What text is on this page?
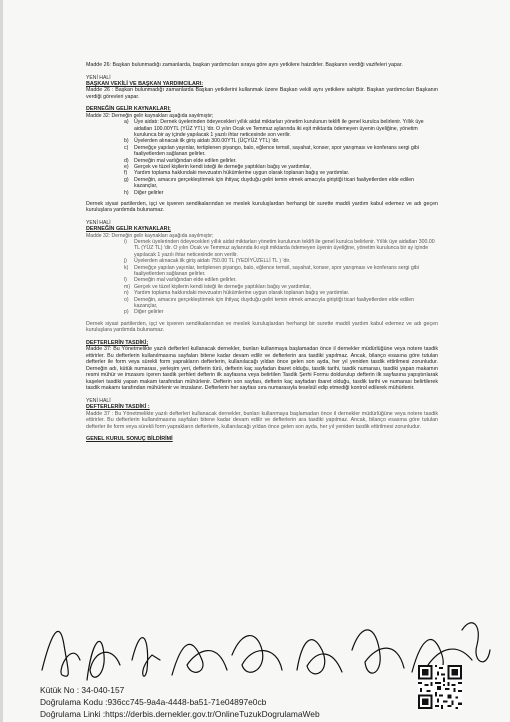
Madde 26: Başkan bulunmadığı zamanlarda, başkan yardımcıları sıraya göre aynı yetkilere haizdirler. Başkanın verdiği vazifeleri yapar.

YENİ HALİ

BAŞKAN VEKİLİ VE BAŞKAN YARDIMCILARI:

Madde 26 : Başkan bulunmadığı zamanlarda Başkan yetkilerini kullanmak üzere Başkan vekili aynı yetkilere sahiptir. Başkan yardımcıları Başkanın verdiği görevleri yapar.

DERNEĞİN GELİR KAYNAKLARI;

Madde 32: Derneğin gelir kaynakları aşağıda sayılmıştır;

a) Üye aidatı: Dernek üyelerinden ödeyecekleri yıllık aidat miktarları yönetim kurulunun teklifi ile genel kurulca belirlenir. Yıllık üye aidatları 100.00YTL (YÜZ YTL) 'dir. O yılın Ocak ve Temmuz aylarında iki eşit miktarda ödemeyen üyenin üyeliğine, yönetim kurulunca bir ay içinde yapılacak 1 yazılı ihtar neticesinde son verilir.

b) Üyelerden alınacak ilk giriş aidatı 300.00YTL (ÜÇYÜZ YTL) 'dir.

c) Derneğçe yapılan yayınlar, tertiplenen piyango, balo, eğlence temsil, sayahat, konser, spor yarışması ve konferans sergi gibi faaliyetlerden sağlanan gelirler.

d) Derneğin mal varlığından elde edilen gelirler.

e) Gerçek ve tüzel kişilerin kendi isteği ile derneğe yaptıkları bağış ve yardımlar,

f) Yardım toplama hakkındaki mevzuatın hükümlerine uygun olarak toplanan bağış ve yardımlar.

g) Derneğin, amacını gerçekleştirmek için ihtiyaç duyduğu geliri temin etmek amacıyla giriştiği ticari faaliyetlerden elde edilen kazançlar,

h) Diğer gelirler

Dernek siyasi partilerden, işçi ve işveren sendikalarından ve meslek kuruluşlardan herhangi bir surette maddi yardım kabul edemez ve adı geçen kuruluşlara yardımda bulunamaz.

YENİ HALİ

DERNEĞİN GELİR KAYNAKLARI;

Madde 32: Derneğin gelir kaynakları aşağıda sayılmıştır;

i) Dernek üyelerinden ödeyecekleri yıllık aidat miktarları yönetim kurulunun teklifi ile genel kurulca belirlenir. Yıllık üye aidatları 300.00 TL (YÜZ TL) 'dir. O yılın Ocak ve Temmuz aylarında iki eşit miktarda ödemeyen üyenin üyeliğine, yönetim kurulunca bir ay içinde yapılacak 1 yazılı ihtar neticesinde son verilir.

j) Üyelerden alınacak ilk giriş aidatı 750.00 TL (YEDİYÜZELLİ TL ) 'dir.

k) Derneğçe yapılan yayınlar, tertiplenen piyango, balo, eğlence temsil, sayahat, konser, spor yarışması ve konferans sergi gibi faaliyetlerden sağlanan gelirler.

l) Derneğin mal varlığından elde edilen gelirler.

m) Gerçek ve tüzel kişilerin kendi isteği ile derneğe yaptıkları bağış ve yardımlar,

n) Yardım toplama hakkındaki mevzuatın hükümlerine uygun olarak toplanan bağış ve yardımlar.

o) Derneğin, amacını gerçekleştirmek için ihtiyaç duyduğu geliri temin etmek amacıyla giriştiği ticari faaliyetlerden elde edilen kazançlar,

p) Diğer gelirler

Dernek siyasi partilerden, işçi ve işveren sendikalarından ve meslek kuruluşlardan herhangi bir surette maddi yardım kabul edemez ve adı geçen kuruluşlara yardımda bulunamaz.

DEFTERLERİN TASDİKİ;

Madde 37: Bu Yönetmelikte yazılı defterleri kullanacak dernekler, bunları kullanmaya başlamadan önce il dernekler müdürlüğüne veya notere tasdik ettirirler. Bu defterlerin kullanılmasına sayfaları bitene kadar devam edilir ve defterlerin ara tasdiki yapılmaz. Ancak, bilanço esasına göre tutulan defterler ile form veya sürekli form yaprakların defterlerin, kullanılacağı yıldan önce gelen son ayda, her yıl yeniden tasdik ettirilmesi zorunludur. Derneğin adı, kütük numarası, yerleşim yeri, defterin türü, defterin kaç sayfadan ibaret olduğu, tasdik tarihi, tasdik numarası, tasdiki yapan makamın resmi mühür ve imzasını içeren tasdik şerhleri defterin ilk sayfasına veya belirtilen Tasdik Şerhi Formu doldurulup defterin ilk sayfasına yapıştırılarak kaşeleri tasdiki yapan makam tarafından mühürlenir. Defterin son sayfası, defterin kaç sayfadan ibaret olduğu, tasdik tarihi ve numarası belirtilerek tasdik makamı tarafından mühürlenir ve imzalanır. Defterlerin her sayfası sıra numarasıyla teselsül edip etmediği kontrol edilerek mühürlenir.

YENİ HALİ

DEFTERLERİN TASDİKİ :

Madde 37 : Bu Yönetmelikte yazılı defterleri kullanacak dernekler, bunları kullanmaya başlamadan önce il dernekler müdürlüğüne veya notere tasdik ettirirler. Bu defterlerin kullanılmasına sayfaları bitene kadar devam edilir ve defterlerin ara tasdiki yapılmaz. Ancak, bilanço esasına göre tutulan defterler ile form veya sürekli form yaprakların defterlerin, kullanılacağı yıldan önce gelen son ayda, her yıl yeniden tasdik ettirilmesi zorunludur.

GENEL KURUL SONUÇ BİLDİRİMİ

Kütük No : 34-040-157
Doğrulama Kodu :936cc745-9a4a-4448-ba51-71e04897e0cb
Doğrulama Linki :https://derbis.dernekler.gov.tr/OnlineTuzukDogrulamaWeb
